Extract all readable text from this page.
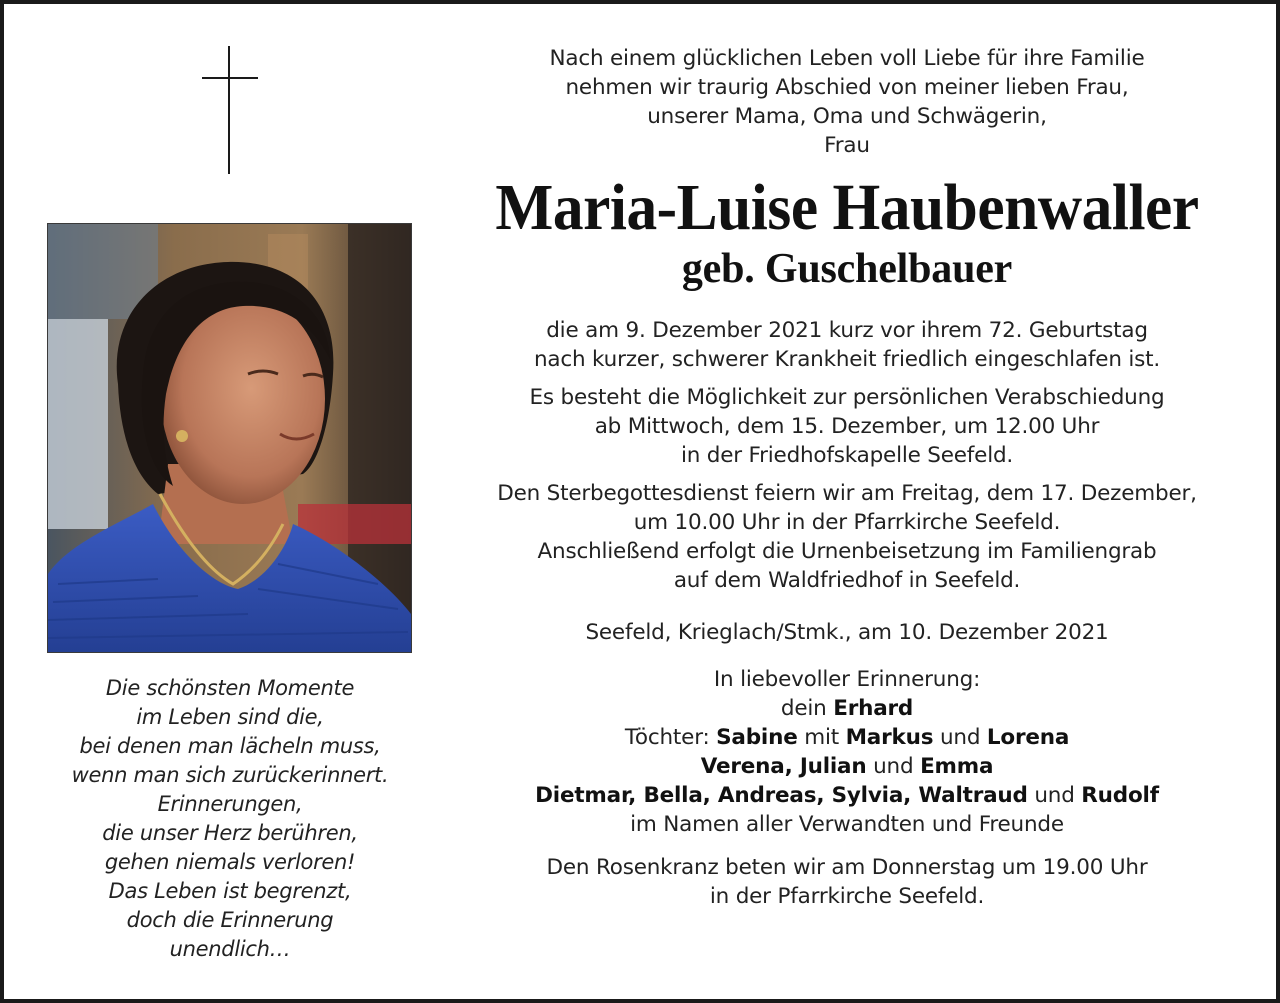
Die schönsten Momente
im Leben sind die,
bei denen man lächeln muss,
wenn man sich zurückerinnert.
Erinnerungen,
die unser Herz berühren,
gehen niemals verloren!
Das Leben ist begrenzt,
doch die Erinnerung
unendlich…
Nach einem glücklichen Leben voll Liebe für ihre Familie
nehmen wir traurig Abschied von meiner lieben Frau,
unserer Mama, Oma und Schwägerin,
Frau
Maria-Luise Haubenwaller
geb. Guschelbauer
die am 9. Dezember 2021 kurz vor ihrem 72. Geburtstag
nach kurzer, schwerer Krankheit friedlich eingeschlafen ist.
Es besteht die Möglichkeit zur persönlichen Verabschiedung
ab Mittwoch, dem 15. Dezember, um 12.00 Uhr
in der Friedhofskapelle Seefeld.
Den Sterbegottesdienst feiern wir am Freitag, dem 17. Dezember,
um 10.00 Uhr in der Pfarrkirche Seefeld.
Anschließend erfolgt die Urnenbeisetzung im Familiengrab
auf dem Waldfriedhof in Seefeld.
Seefeld, Krieglach/Stmk., am 10. Dezember 2021
In liebevoller Erinnerung:
dein Erhard
Töchter: Sabine mit Markus und Lorena
Verena, Julian und Emma
Dietmar, Bella, Andreas, Sylvia, Waltraud und Rudolf
im Namen aller Verwandten und Freunde
Den Rosenkranz beten wir am Donnerstag um 19.00 Uhr
in der Pfarrkirche Seefeld.
